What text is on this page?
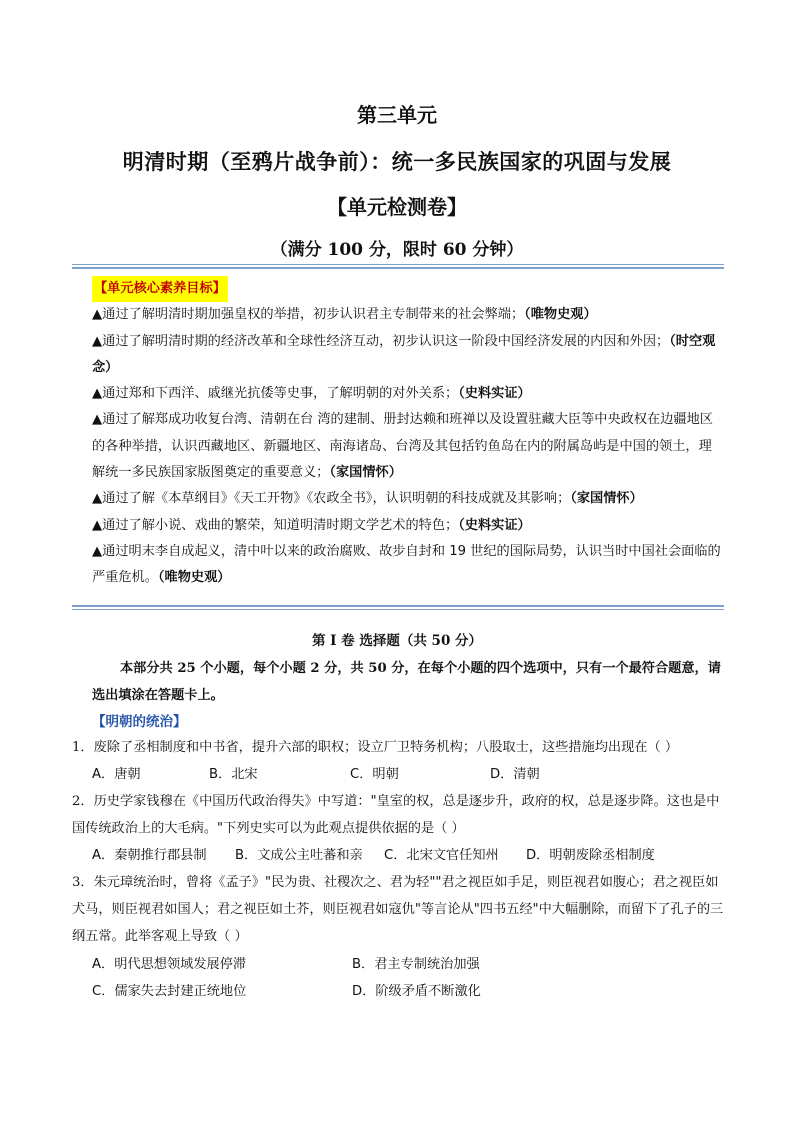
第三单元
明清时期（至鸦片战争前）：统一多民族国家的巩固与发展
【单元检测卷】
（满分 100 分，限时 60 分钟）
【单元核心素养目标】

▲通过了解明清时期加强皇权的举措，初步认识君主专制带来的社会弊端；（唯物史观）

▲通过了解明清时期的经济改革和全球性经济互动，初步认识这一阶段中国经济发展的内因和外因；（时空观念）

▲通过郑和下西洋、戚继光抗倭等史事，了解明朝的对外关系；（史料实证）

▲通过了解郑成功收复台湾、清朝在台 湾的建制、册封达赖和班禅以及设置驻藏大臣等中央政权在边疆地区的各种举措，认识西藏地区、新疆地区、南海诸岛、台湾及其包括钓鱼岛在内的附属岛屿是中国的领土，理解统一多民族国家版图奠定的重要意义；（家国情怀）

▲通过了解《本草纲目》《天工开物》《农政全书》，认识明朝的科技成就及其影响；（家国情怀）

▲通过了解小说、戏曲的繁荣，知道明清时期文学艺术的特色；（史料实证）

▲通过明末李自成起义，清中叶以来的政治腐败、故步自封和 19 世纪的国际局势，认识当时中国社会面临的严重危机。（唯物史观）

第 I 卷 选择题（共 50 分）
本部分共 25 个小题，每个小题 2 分，共 50 分，在每个小题的四个选项中，只有一个最符合题意，请选出填涂在答题卡上。
【明朝的统治】
1．废除了丞相制度和中书省，提升六部的职权；设立厂卫特务机构；八股取士，这些措施均出现在（ ）
A．唐朝	B．北宋	C．明朝	D．清朝
2．历史学家钱穆在《中国历代政治得失》中写道："皇室的权，总是逐步升，政府的权，总是逐步降。这也是中国传统政治上的大毛病。"下列史实可以为此观点提供依据的是（ ）
A．秦朝推行郡县制 B．文成公主吐蕃和亲 C．北宋文官任知州 D．明朝废除丞相制度
3．朱元璋统治时，曾将《孟子》"民为贵、社稷次之、君为轻""君之视臣如手足，则臣视君如腹心；君之视臣如犬马，则臣视君如国人；君之视臣如土芥，则臣视君如寇仇"等言论从"四书五经"中大幅删除，而留下了孔子的三纲五常。此举客观上导致（ ）
A．明代思想领域发展停滞	B．君主专制统治加强
C．儒家失去封建正统地位	D．阶级矛盾不断激化
